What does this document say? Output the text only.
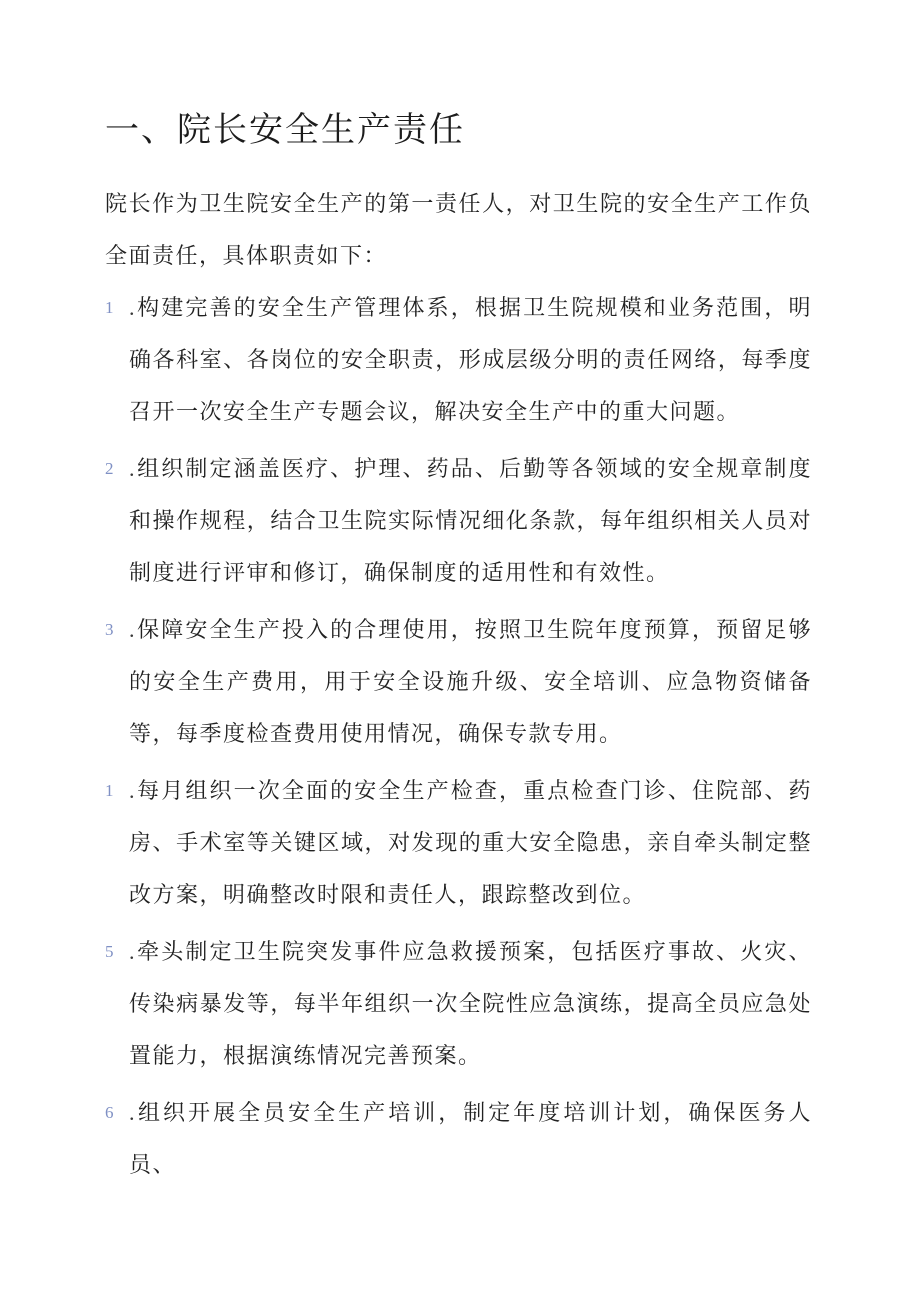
一、院长安全生产责任

院长作为卫生院安全生产的第一责任人，对卫生院的安全生产工作负全面责任，具体职责如下：

1 .构建完善的安全生产管理体系，根据卫生院规模和业务范围，明确各科室、各岗位的安全职责，形成层级分明的责任网络，每季度召开一次安全生产专题会议，解决安全生产中的重大问题。
2 .组织制定涵盖医疗、护理、药品、后勤等各领域的安全规章制度和操作规程，结合卫生院实际情况细化条款，每年组织相关人员对制度进行评审和修订，确保制度的适用性和有效性。
3 .保障安全生产投入的合理使用，按照卫生院年度预算，预留足够的安全生产费用，用于安全设施升级、安全培训、应急物资储备等，每季度检查费用使用情况，确保专款专用。
1 .每月组织一次全面的安全生产检查，重点检查门诊、住院部、药房、手术室等关键区域，对发现的重大安全隐患，亲自牵头制定整改方案，明确整改时限和责任人，跟踪整改到位。
5 .牵头制定卫生院突发事件应急救援预案，包括医疗事故、火灾、传染病暴发等，每半年组织一次全院性应急演练，提高全员应急处置能力，根据演练情况完善预案。
6 .组织开展全员安全生产培训，制定年度培训计划，确保医务人员、
